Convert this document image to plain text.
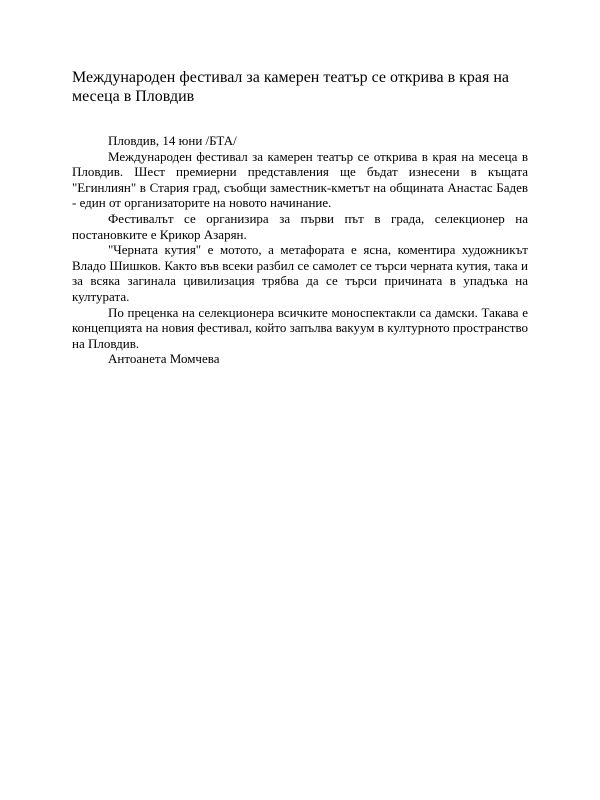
Международен фестивал за камерен театър се открива в края на месеца в Пловдив

Пловдив, 14 юни /БТА/

Международен фестивал за камерен театър се открива в края на месеца в Пловдив. Шест премиерни представления ще бъдат изнесени в къщата "Егинлиян" в Стария град, съобщи заместник-кметът на общината Анастас Бадев - един от организаторите на новото начинание.

Фестивалът се организира за първи път в града, селекционер на постановките е Крикор Азарян.

"Черната кутия" е мотото, а метафората е ясна, коментира художникът Владо Шишков. Както във всеки разбил се самолет се търси черната кутия, така и за всяка загинала цивилизация трябва да се търси причината в упадъка на културата.

По преценка на селекционера всичките моноспектакли са дамски. Такава е концепцията на новия фестивал, който запълва вакуум в културното пространство на Пловдив.

Антоанета Момчева
